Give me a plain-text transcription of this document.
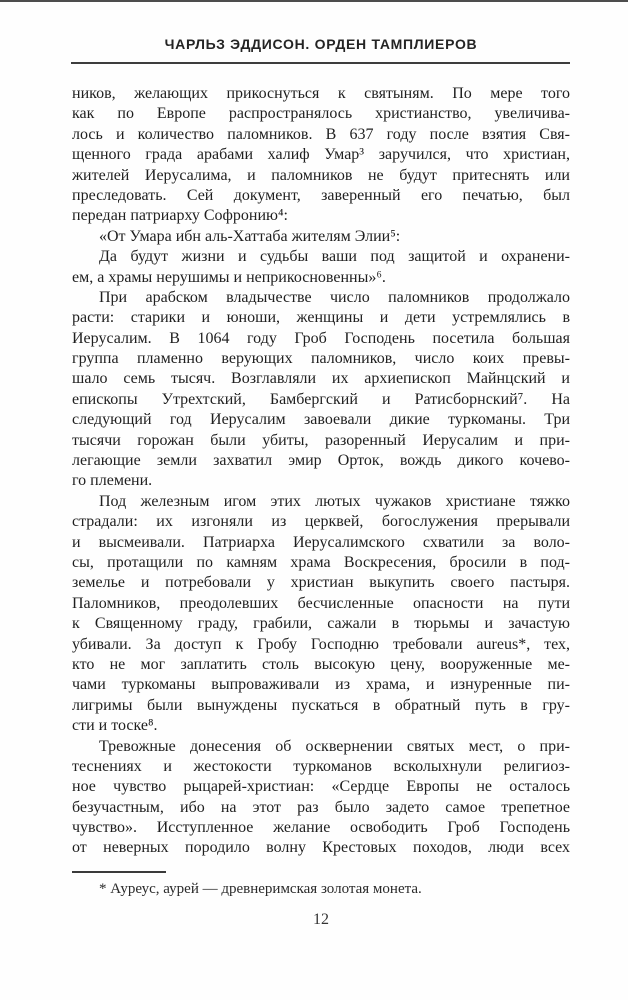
ЧАРЛЬЗ ЭДДИСОН. ОРДЕН ТАМПЛИЕРОВ
ников, желающих прикоснуться к святыням. По мере того
как по Европе распространялось христианство, увеличива-
лось и количество паломников. В 637 году после взятия Свя-
щенного града арабами халиф Умар³ заручился, что христиан,
жителей Иерусалима, и паломников не будут притеснять или
преследовать. Сей документ, заверенный его печатью, был
передан патриарху Софронию⁴:
«От Умара ибн аль-Хаттаба жителям Элии⁵:
Да будут жизни и судьбы ваши под защитой и охранени-
ем, а храмы нерушимы и неприкосновенны»⁶.
При арабском владычестве число паломников продолжало
расти: старики и юноши, женщины и дети устремлялись в
Иерусалим. В 1064 году Гроб Господень посетила большая
группа пламенно верующих паломников, число коих превы-
шало семь тысяч. Возглавляли их архиепископ Майнцский и
епископы Утрехтский, Бамбергский и Ратисборнский⁷. На
следующий год Иерусалим завоевали дикие туркоманы. Три
тысячи горожан были убиты, разоренный Иерусалим и при-
легающие земли захватил эмир Орток, вождь дикого кочево-
го племени.
Под железным игом этих лютых чужаков христиане тяжко
страдали: их изгоняли из церквей, богослужения прерывали
и высмеивали. Патриарха Иерусалимского схватили за воло-
сы, протащили по камням храма Воскресения, бросили в под-
земелье и потребовали у христиан выкупить своего пастыря.
Паломников, преодолевших бесчисленные опасности на пути
к Священному граду, грабили, сажали в тюрьмы и зачастую
убивали. За доступ к Гробу Господню требовали aureus*, тех,
кто не мог заплатить столь высокую цену, вооруженные ме-
чами туркоманы выпроваживали из храма, и изнуренные пи-
лигримы были вынуждены пускаться в обратный путь в гру-
сти и тоске⁸.
Тревожные донесения об осквернении святых мест, о при-
теснениях и жестокости туркоманов всколыхнули религиоз-
ное чувство рыцарей-христиан: «Сердце Европы не осталось
безучастным, ибо на этот раз было задето самое трепетное
чувство». Исступленное желание освободить Гроб Господень
от неверных породило волну Крестовых походов, люди всех
* Ауреус, аурей — древнеримская золотая монета.
12
